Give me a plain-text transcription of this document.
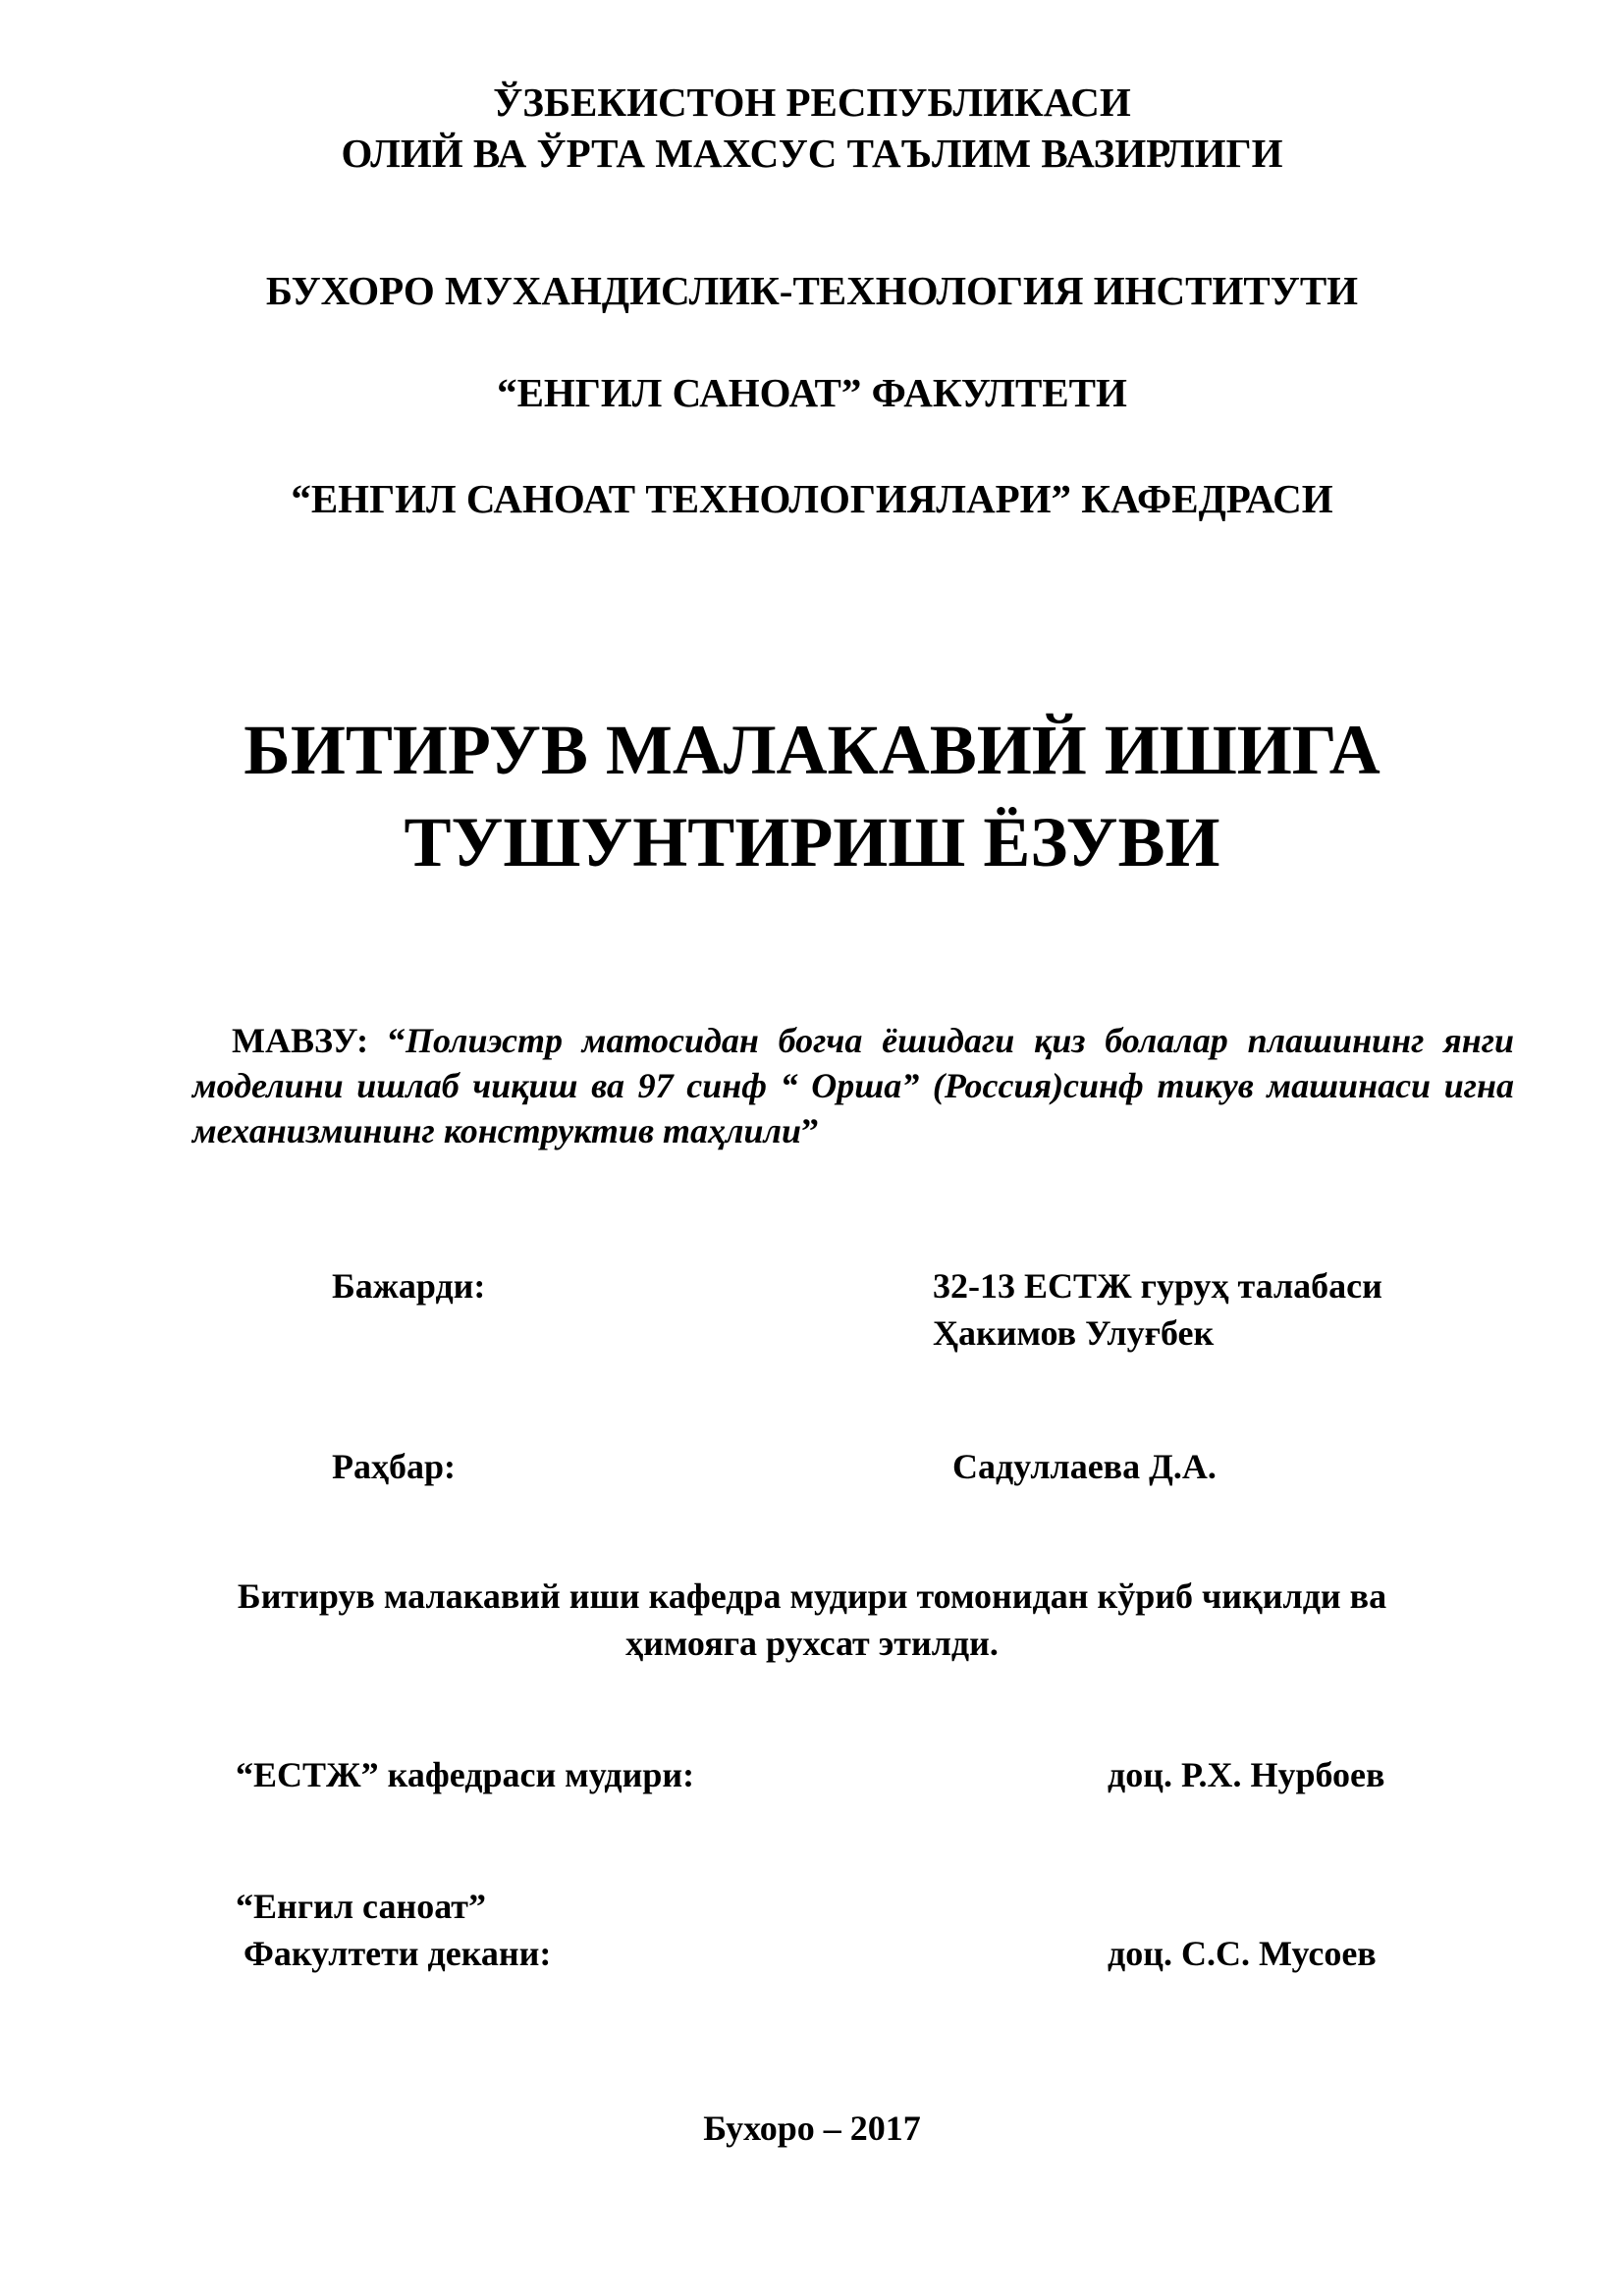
ЎЗБЕКИСТОН РЕСПУБЛИКАСИ
ОЛИЙ ВА ЎРТА МАХСУС ТАЪЛИМ ВАЗИРЛИГИ
БУХОРО МУХАНДИСЛИК-ТЕХНОЛОГИЯ ИНСТИТУТИ
“ЕНГИЛ САНОАТ” ФАКУЛТЕТИ
“ЕНГИЛ САНОАТ ТЕХНОЛОГИЯЛАРИ” КАФЕДРАСИ
БИТИРУВ МАЛАКАВИЙ ИШИГА
ТУШУНТИРИШ ЁЗУВИ
МАВЗУ: “Полиэстр матосидан богча ёшидаги қиз болалар плашининг янги моделини ишлаб чиқиш ва 97 синф “ Орша” (Россия)синф тикув машинаси игна механизмининг конструктив таҳлили”
Бажарди:	32-13 ЕСТЖ гуруҳ талабаси
Ҳакимов Улуғбек
Раҳбар:	Садуллаева Д.А.
Битирув малакавий иши кафедра мудири томонидан кўриб чиқилди ва
ҳимояга рухсат этилди.
“ЕСТЖ” кафедраси мудири:	доц. Р.Х. Нурбоев
“Енгил саноат”
Факултети декани:	доц. С.С. Мусоев
Бухоро – 2017
